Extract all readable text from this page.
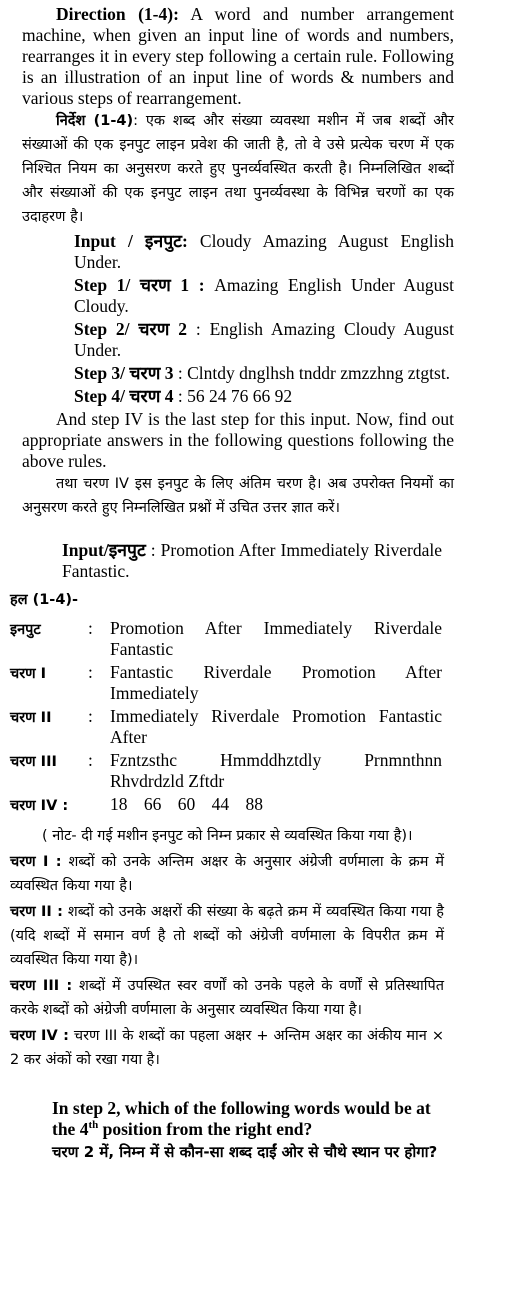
Direction (1-4): A word and number arrangement machine, when given an input line of words and numbers, rearranges it in every step following a certain rule. Following is an illustration of an input line of words & numbers and various steps of rearrangement.
निर्देश (1-4): एक शब्द और संख्या व्यवस्था मशीन में जब शब्दों और संख्याओं की एक इनपुट लाइन प्रवेश की जाती है, तो वे उसे प्रत्येक चरण में एक निश्चित नियम का अनुसरण करते हुए पुनर्व्यवस्थित करती है। निम्नलिखित शब्दों और संख्याओं की एक इनपुट लाइन तथा पुनर्व्यवस्था के विभिन्न चरणों का एक उदाहरण है।

Input / इनपुट: Cloudy Amazing August English Under.

Step 1/ चरण 1 : Amazing English Under August Cloudy.

Step 2/ चरण 2 : English Amazing Cloudy August Under.

Step 3/ चरण 3 : Clntdy dnglhsh tnddr zmzzhng ztgtst.

Step 4/ चरण 4 : 56 24 76 66 92

And step IV is the last step for this input. Now, find out appropriate answers in the following questions following the above rules.
तथा चरण IV इस इनपुट के लिए अंतिम चरण है। अब उपरोक्त नियमों का अनुसरण करते हुए निम्नलिखित प्रश्नों में उचित उत्तर ज्ञात करें।
Input/इनपुट : Promotion After Immediately Riverdale Fantastic.
हल (1-4)-
इनपुट	:	Promotion After Immediately Riverdale Fantastic
चरण I	:	Fantastic Riverdale Promotion After Immediately
चरण II	:	Immediately Riverdale Promotion Fantastic After
चरण III	:	Fzntzsthc Hmmddhztdly Prnmnthnn Rhvdrdzld Zftdr
चरण IV :		18 66 60 44 88

( नोट- दी गई मशीन इनपुट को निम्न प्रकार से व्यवस्थित किया गया है)।

चरण I : शब्दों को उनके अन्तिम अक्षर के अनुसार अंग्रेजी वर्णमाला के क्रम में व्यवस्थित किया गया है।
चरण II : शब्दों को उनके अक्षरों की संख्या के बढ़ते क्रम में व्यवस्थित किया गया है (यदि शब्दों में समान वर्ण है तो शब्दों को अंग्रेजी वर्णमाला के विपरीत क्रम में व्यवस्थित किया गया है)।
चरण III : शब्दों में उपस्थित स्वर वर्णों को उनके पहले के वर्णों से प्रतिस्थापित करके शब्दों को अंग्रेजी वर्णमाला के अनुसार व्यवस्थित किया गया है।
चरण IV : चरण III के शब्दों का पहला अक्षर + अन्तिम अक्षर का अंकीय मान × 2 कर अंकों को रखा गया है।

In step 2, which of the following words would be at the 4th position from the right end?

चरण 2 में, निम्न में से कौन-सा शब्द दाईं ओर से चौथे स्थान पर होगा?
